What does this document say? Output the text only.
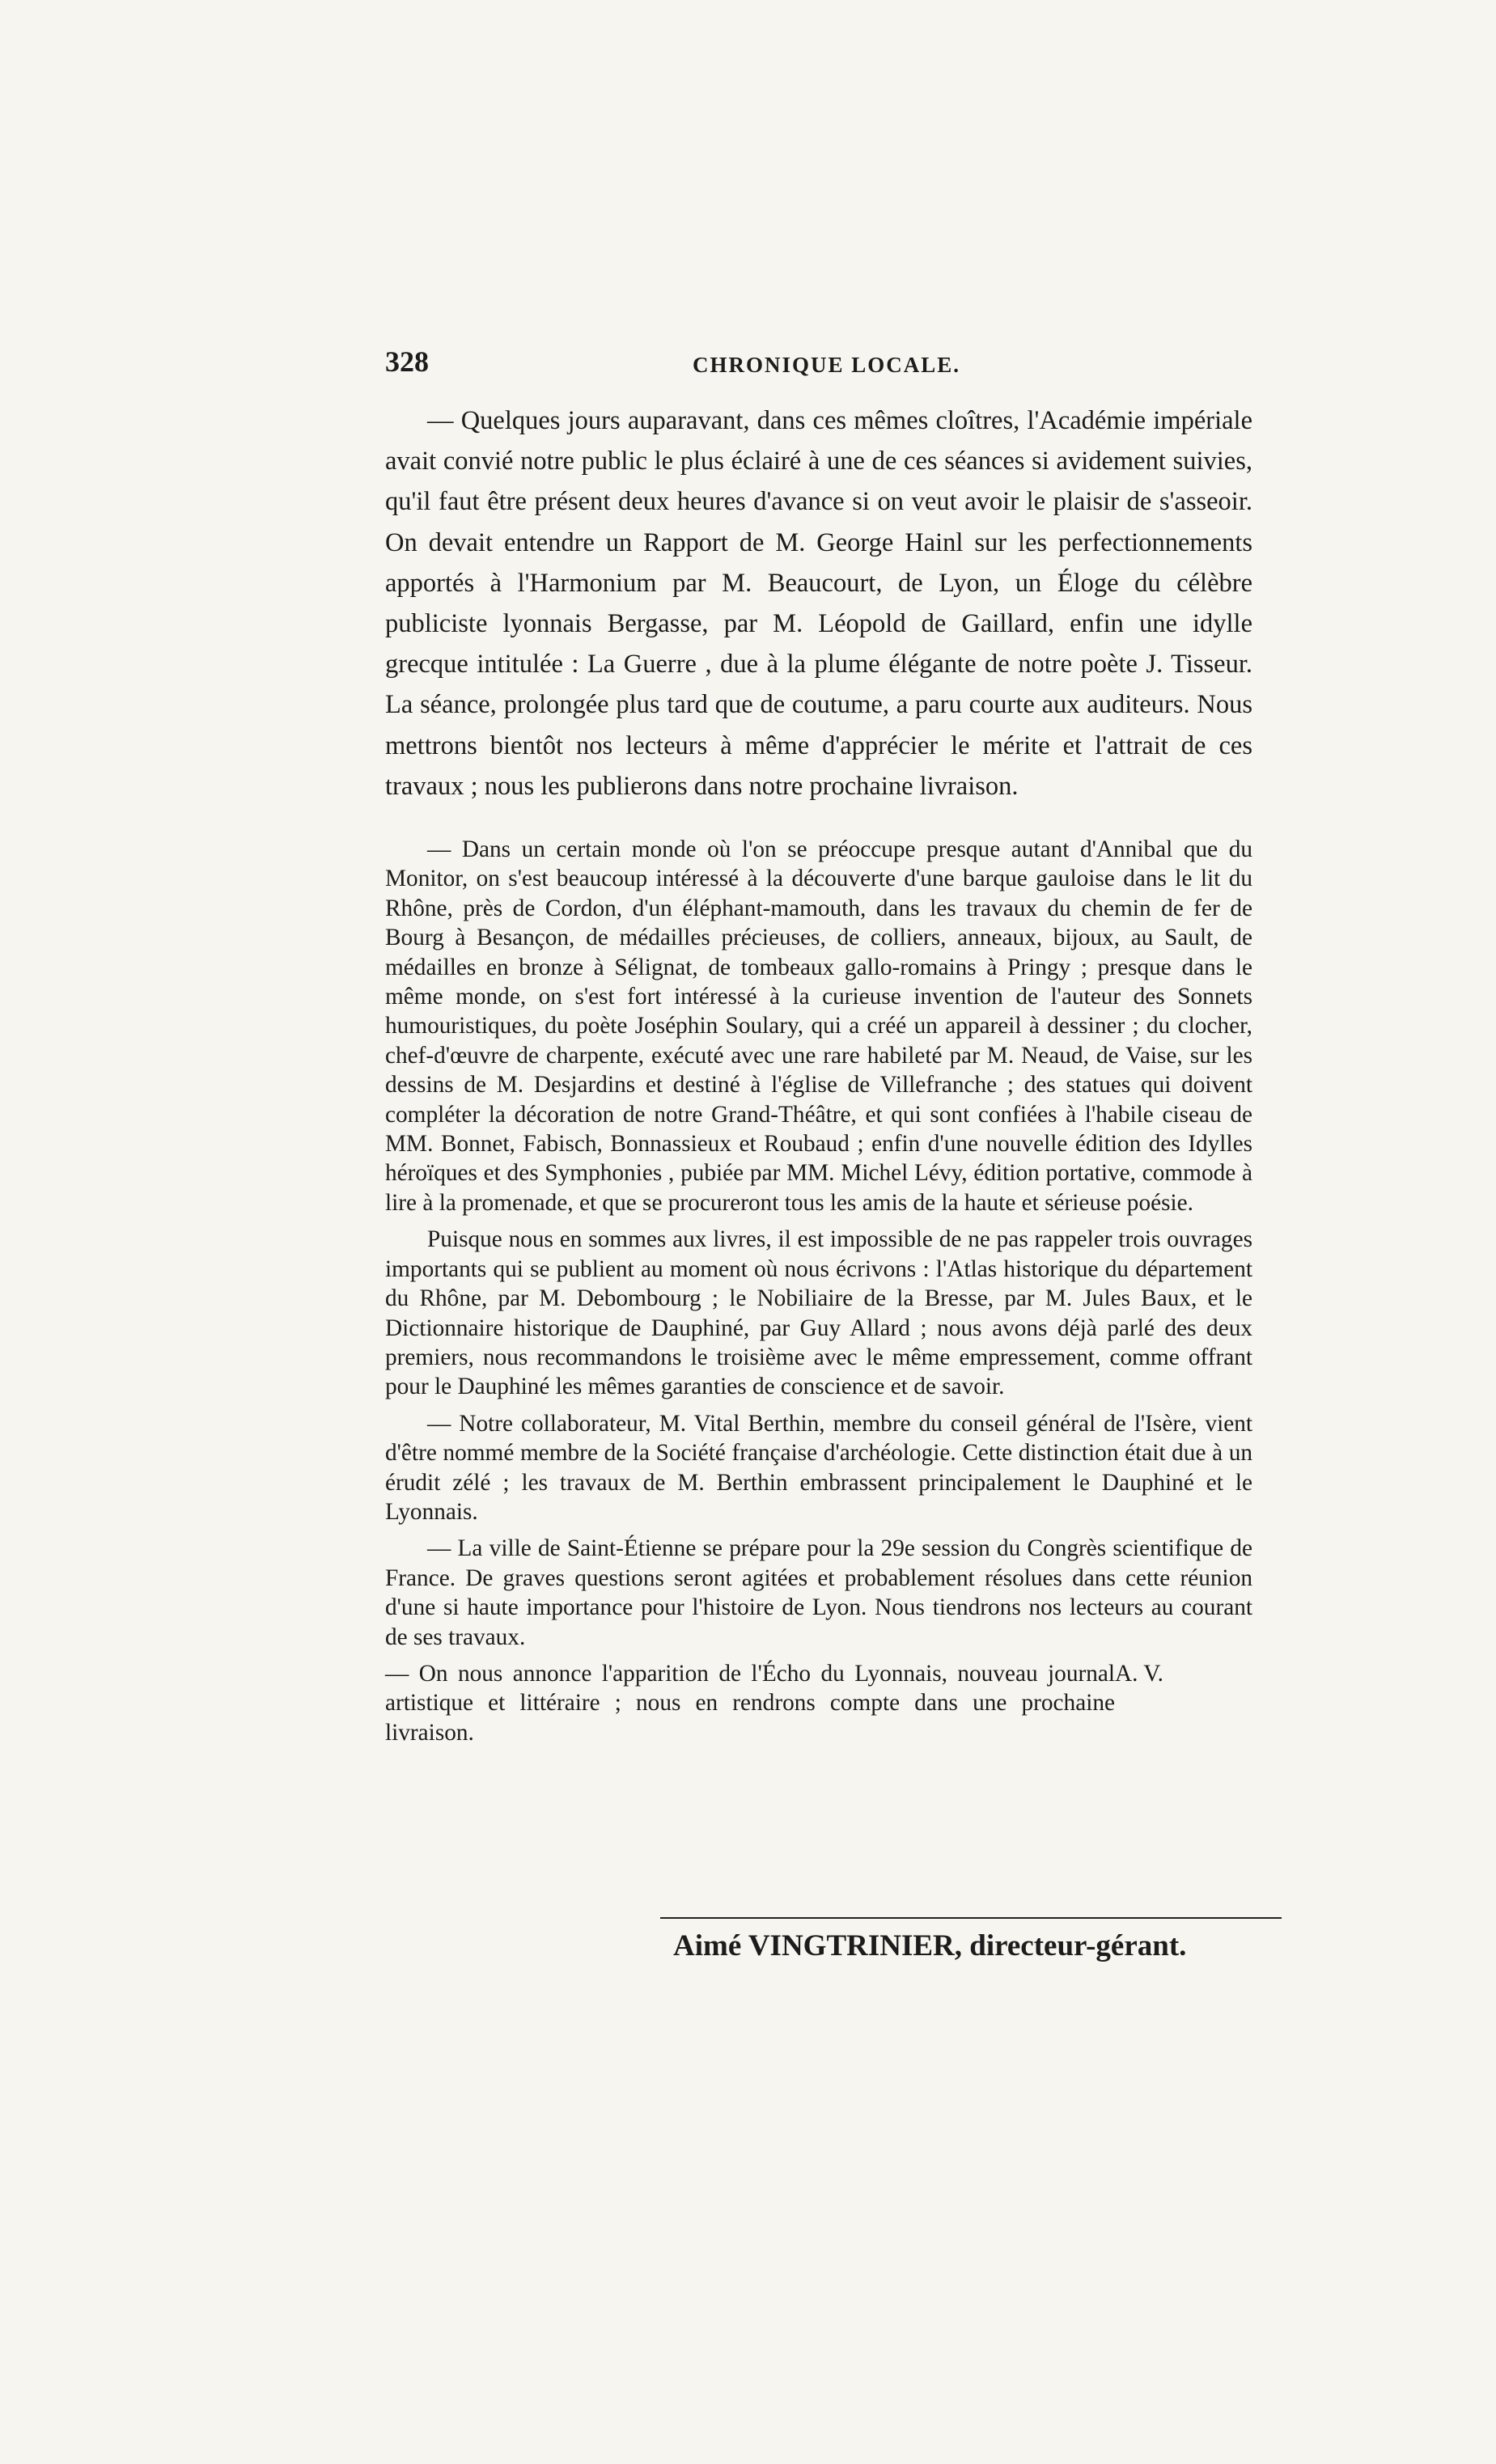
328	CHRONIQUE LOCALE.

— Quelques jours auparavant, dans ces mêmes cloîtres, l'Académie impériale avait convié notre public le plus éclairé à une de ces séances si avidement suivies, qu'il faut être présent deux heures d'avance si on veut avoir le plaisir de s'asseoir. On devait entendre un Rapport de M. George Hainl sur les perfectionnements apportés à l'Harmonium par M. Beaucourt, de Lyon, un Éloge du célèbre publiciste lyonnais Bergasse, par M. Léopold de Gaillard, enfin une idylle grecque intitulée : La Guerre , due à la plume élégante de notre poète J. Tisseur. La séance, prolongée plus tard que de coutume, a paru courte aux auditeurs. Nous mettrons bientôt nos lecteurs à même d'apprécier le mérite et l'attrait de ces travaux ; nous les publierons dans notre prochaine livraison.

— Dans un certain monde où l'on se préoccupe presque autant d'Annibal que du Monitor, on s'est beaucoup intéressé à la découverte d'une barque gauloise dans le lit du Rhône, près de Cordon, d'un éléphant-mamouth, dans les travaux du chemin de fer de Bourg à Besançon, de médailles précieuses, de colliers, anneaux, bijoux, au Sault, de médailles en bronze à Sélignat, de tombeaux gallo-romains à Pringy ; presque dans le même monde, on s'est fort intéressé à la curieuse invention de l'auteur des Sonnets humouristiques, du poète Joséphin Soulary, qui a créé un appareil à dessiner ; du clocher, chef-d'œuvre de charpente, exécuté avec une rare habileté par M. Neaud, de Vaise, sur les dessins de M. Desjardins et destiné à l'église de Villefranche ; des statues qui doivent compléter la décoration de notre Grand-Théâtre, et qui sont confiées à l'habile ciseau de MM. Bonnet, Fabisch, Bonnassieux et Roubaud ; enfin d'une nouvelle édition des Idylles héroïques et des Symphonies , pubiée par MM. Michel Lévy, édition portative, commode à lire à la promenade, et que se procureront tous les amis de la haute et sérieuse poésie.

Puisque nous en sommes aux livres, il est impossible de ne pas rappeler trois ouvrages importants qui se publient au moment où nous écrivons : l'Atlas historique du département du Rhône, par M. Debombourg ; le Nobiliaire de la Bresse, par M. Jules Baux, et le Dictionnaire historique de Dauphiné, par Guy Allard ; nous avons déjà parlé des deux premiers, nous recommandons le troisième avec le même empressement, comme offrant pour le Dauphiné les mêmes garanties de conscience et de savoir.

— Notre collaborateur, M. Vital Berthin, membre du conseil général de l'Isère, vient d'être nommé membre de la Société française d'archéologie. Cette distinction était due à un érudit zélé ; les travaux de M. Berthin embrassent principalement le Dauphiné et le Lyonnais.

— La ville de Saint-Étienne se prépare pour la 29e session du Congrès scientifique de France. De graves questions seront agitées et probablement résolues dans cette réunion d'une si haute importance pour l'histoire de Lyon. Nous tiendrons nos lecteurs au courant de ses travaux.

— On nous annonce l'apparition de l'Écho du Lyonnais, nouveau journal artistique et littéraire ; nous en rendrons compte dans une prochaine livraison.
A. V.
Aimé VINGTRINIER, directeur-gérant.
